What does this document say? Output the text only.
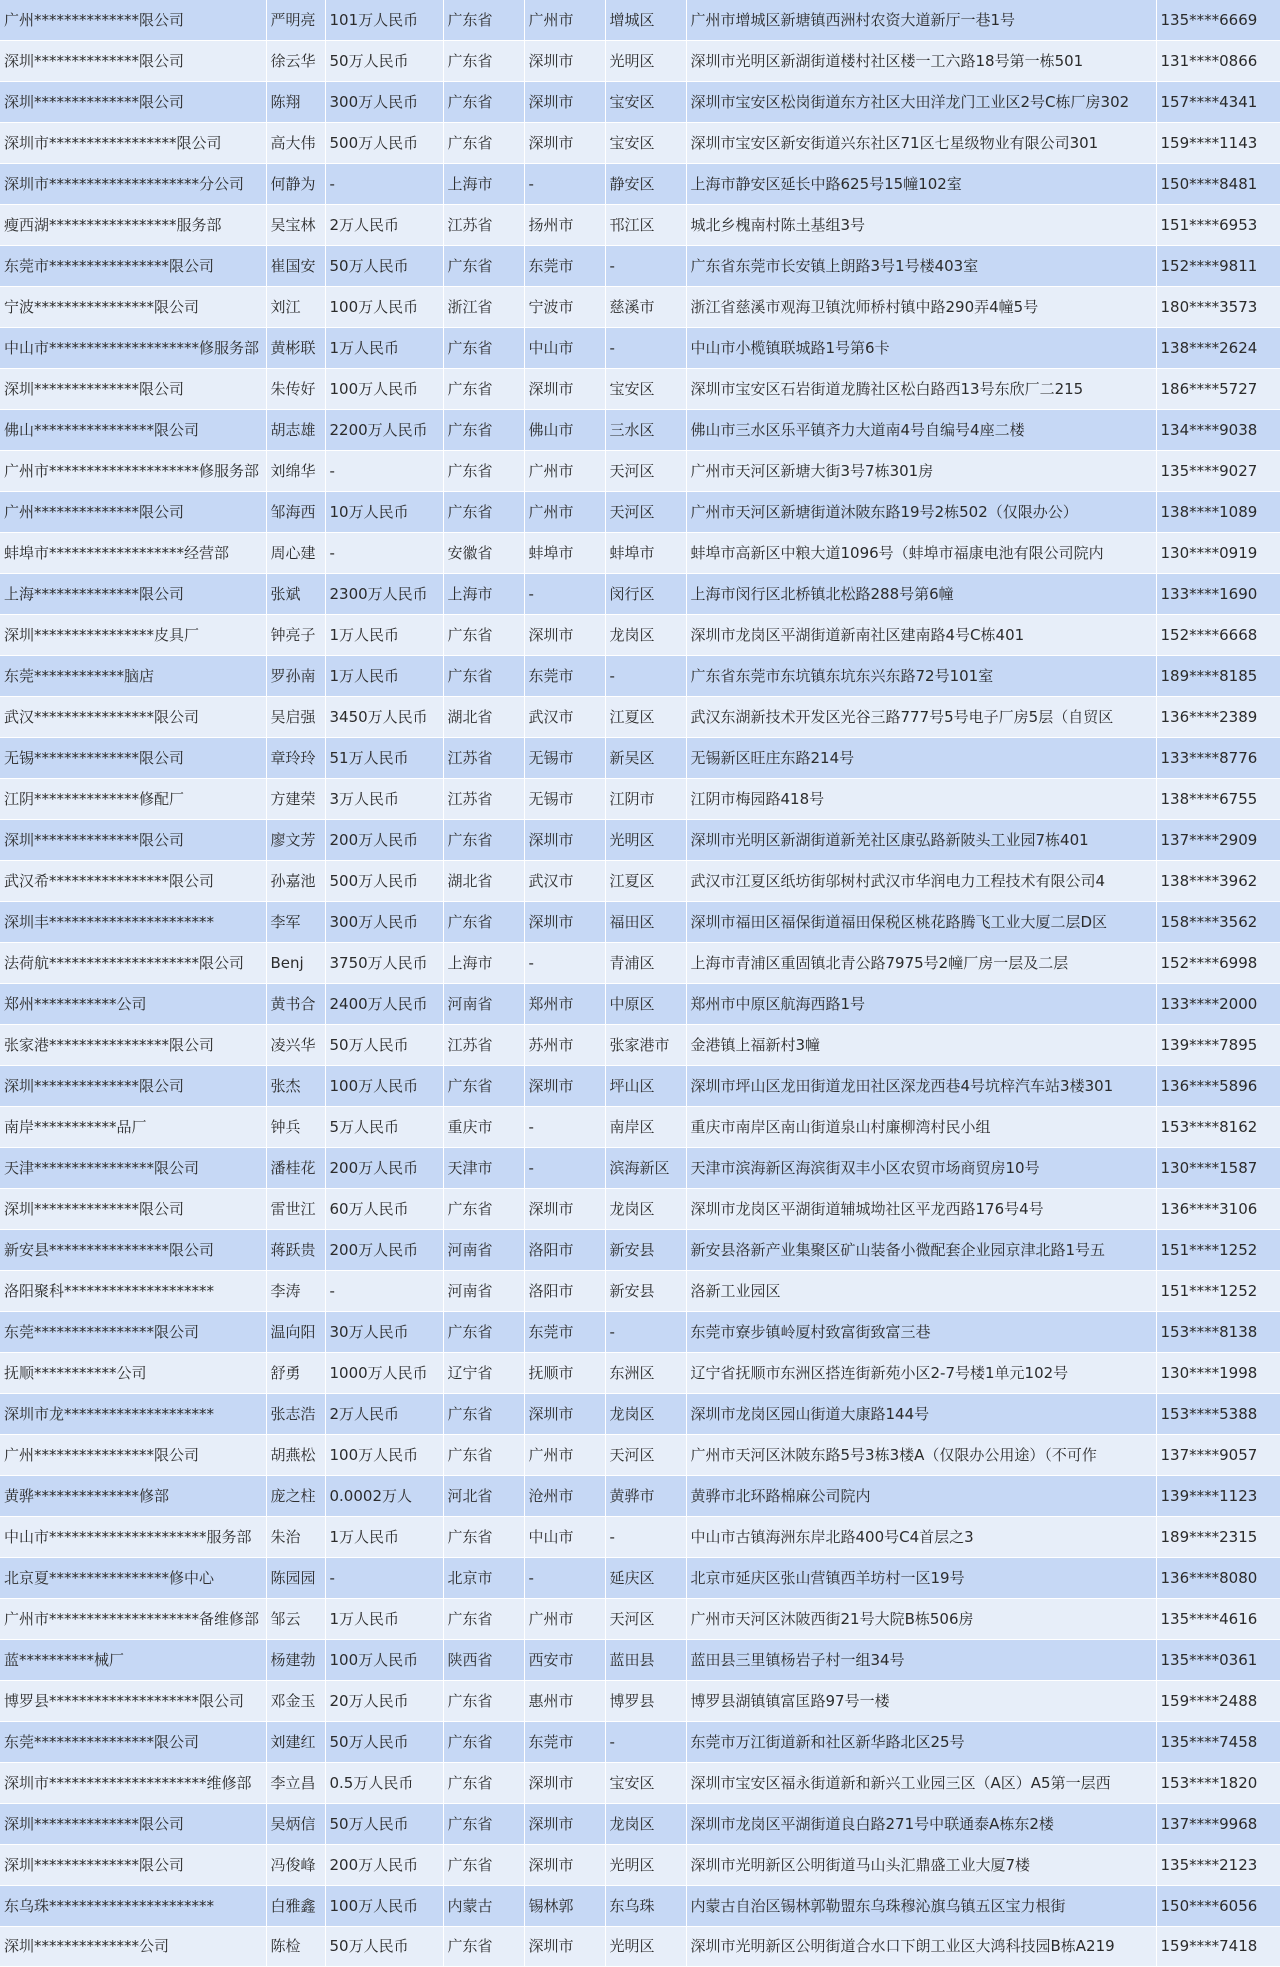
广州**************限公司	严明亮	101万人民币	广东省	广州市	增城区	广州市增城区新塘镇西洲村农资大道新厅一巷1号	135****6669
深圳**************限公司	徐云华	50万人民币	广东省	深圳市	光明区	深圳市光明区新湖街道楼村社区楼一工六路18号第一栋501	131****0866
深圳**************限公司	陈翔	300万人民币	广东省	深圳市	宝安区	深圳市宝安区松岗街道东方社区大田洋龙门工业区2号C栋厂房302	157****4341
深圳市*****************限公司	高大伟	500万人民币	广东省	深圳市	宝安区	深圳市宝安区新安街道兴东社区71区七星级物业有限公司301	159****1143
深圳市********************分公司	何静为	-	上海市	-	静安区	上海市静安区延长中路625号15幢102室	150****8481
瘦西湖*****************服务部	吴宝林	2万人民币	江苏省	扬州市	邗江区	城北乡槐南村陈土基组3号	151****6953
东莞市****************限公司	崔国安	50万人民币	广东省	东莞市	-	广东省东莞市长安镇上朗路3号1号楼403室	152****9811
宁波****************限公司	刘江	100万人民币	浙江省	宁波市	慈溪市	浙江省慈溪市观海卫镇沈师桥村镇中路290弄4幢5号	180****3573
中山市********************修服务部	黄彬联	1万人民币	广东省	中山市	-	中山市小榄镇联城路1号第6卡	138****2624
深圳**************限公司	朱传好	100万人民币	广东省	深圳市	宝安区	深圳市宝安区石岩街道龙腾社区松白路西13号东欣厂二215	186****5727
佛山****************限公司	胡志雄	2200万人民币	广东省	佛山市	三水区	佛山市三水区乐平镇齐力大道南4号自编号4座二楼	134****9038
广州市********************修服务部	刘绵华	-	广东省	广州市	天河区	广州市天河区新塘大街3号7栋301房	135****9027
广州**************限公司	邹海西	10万人民币	广东省	广州市	天河区	广州市天河区新塘街道沐陂东路19号2栋502（仅限办公）	138****1089
蚌埠市******************经营部	周心建	-	安徽省	蚌埠市	蚌埠市	蚌埠市高新区中粮大道1096号（蚌埠市福康电池有限公司院内	130****0919
上海**************限公司	张斌	2300万人民币	上海市	-	闵行区	上海市闵行区北桥镇北松路288号第6幢	133****1690
深圳****************皮具厂	钟亮子	1万人民币	广东省	深圳市	龙岗区	深圳市龙岗区平湖街道新南社区建南路4号C栋401	152****6668
东莞************脑店	罗孙南	1万人民币	广东省	东莞市	-	广东省东莞市东坑镇东坑东兴东路72号101室	189****8185
武汉****************限公司	吴启强	3450万人民币	湖北省	武汉市	江夏区	武汉东湖新技术开发区光谷三路777号5号电子厂房5层（自贸区	136****2389
无锡**************限公司	章玲玲	51万人民币	江苏省	无锡市	新吴区	无锡新区旺庄东路214号	133****8776
江阴**************修配厂	方建荣	3万人民币	江苏省	无锡市	江阴市	江阴市梅园路418号	138****6755
深圳**************限公司	廖文芳	200万人民币	广东省	深圳市	光明区	深圳市光明区新湖街道新羌社区康弘路新陂头工业园7栋401	137****2909
武汉希****************限公司	孙嘉池	500万人民币	湖北省	武汉市	江夏区	武汉市江夏区纸坊街邬树村武汉市华润电力工程技术有限公司4	138****3962
深圳丰**********************	李军	300万人民币	广东省	深圳市	福田区	深圳市福田区福保街道福田保税区桃花路腾飞工业大厦二层D区	158****3562
法荷航********************限公司	Benj	3750万人民币	上海市	-	青浦区	上海市青浦区重固镇北青公路7975号2幢厂房一层及二层	152****6998
郑州***********公司	黄书合	2400万人民币	河南省	郑州市	中原区	郑州市中原区航海西路1号	133****2000
张家港****************限公司	凌兴华	50万人民币	江苏省	苏州市	张家港市	金港镇上福新村3幢	139****7895
深圳**************限公司	张杰	100万人民币	广东省	深圳市	坪山区	深圳市坪山区龙田街道龙田社区深龙西巷4号坑梓汽车站3楼301	136****5896
南岸***********品厂	钟兵	5万人民币	重庆市	-	南岸区	重庆市南岸区南山街道泉山村廉柳湾村民小组	153****8162
天津****************限公司	潘桂花	200万人民币	天津市	-	滨海新区	天津市滨海新区海滨街双丰小区农贸市场商贸房10号	130****1587
深圳**************限公司	雷世江	60万人民币	广东省	深圳市	龙岗区	深圳市龙岗区平湖街道辅城坳社区平龙西路176号4号	136****3106
新安县****************限公司	蒋跃贵	200万人民币	河南省	洛阳市	新安县	新安县洛新产业集聚区矿山装备小微配套企业园京津北路1号五	151****1252
洛阳聚科********************	李涛	-	河南省	洛阳市	新安县	洛新工业园区	151****1252
东莞****************限公司	温向阳	30万人民币	广东省	东莞市	-	东莞市寮步镇岭厦村致富街致富三巷	153****8138
抚顺***********公司	舒勇	1000万人民币	辽宁省	抚顺市	东洲区	辽宁省抚顺市东洲区搭连街新苑小区2-7号楼1单元102号	130****1998
深圳市龙********************	张志浩	2万人民币	广东省	深圳市	龙岗区	深圳市龙岗区园山街道大康路144号	153****5388
广州****************限公司	胡燕松	100万人民币	广东省	广州市	天河区	广州市天河区沐陂东路5号3栋3楼A（仅限办公用途）（不可作	137****9057
黄骅**************修部	庞之柱	0.0002万人	河北省	沧州市	黄骅市	黄骅市北环路棉麻公司院内	139****1123
中山市*********************服务部	朱治	1万人民币	广东省	中山市	-	中山市古镇海洲东岸北路400号C4首层之3	189****2315
北京夏****************修中心	陈园园	-	北京市	-	延庆区	北京市延庆区张山营镇西羊坊村一区19号	136****8080
广州市********************备维修部	邹云	1万人民币	广东省	广州市	天河区	广州市天河区沐陂西街21号大院B栋506房	135****4616
蓝**********械厂	杨建勃	100万人民币	陕西省	西安市	蓝田县	蓝田县三里镇杨岩子村一组34号	135****0361
博罗县********************限公司	邓金玉	20万人民币	广东省	惠州市	博罗县	博罗县湖镇镇富匡路97号一楼	159****2488
东莞****************限公司	刘建红	50万人民币	广东省	东莞市	-	东莞市万江街道新和社区新华路北区25号	135****7458
深圳市*********************维修部	李立昌	0.5万人民币	广东省	深圳市	宝安区	深圳市宝安区福永街道新和新兴工业园三区（A区）A5第一层西	153****1820
深圳**************限公司	吴炳信	50万人民币	广东省	深圳市	龙岗区	深圳市龙岗区平湖街道良白路271号中联通泰A栋东2楼	137****9968
深圳**************限公司	冯俊峰	200万人民币	广东省	深圳市	光明区	深圳市光明新区公明街道马山头汇鼎盛工业大厦7楼	135****2123
东乌珠**********************	白雅鑫	100万人民币	内蒙古	锡林郭	东乌珠	内蒙古自治区锡林郭勒盟东乌珠穆沁旗乌镇五区宝力根街	150****6056
深圳**************公司	陈检	50万人民币	广东省	深圳市	光明区	深圳市光明新区公明街道合水口下朗工业区大鸿科技园B栋A219	159****7418
